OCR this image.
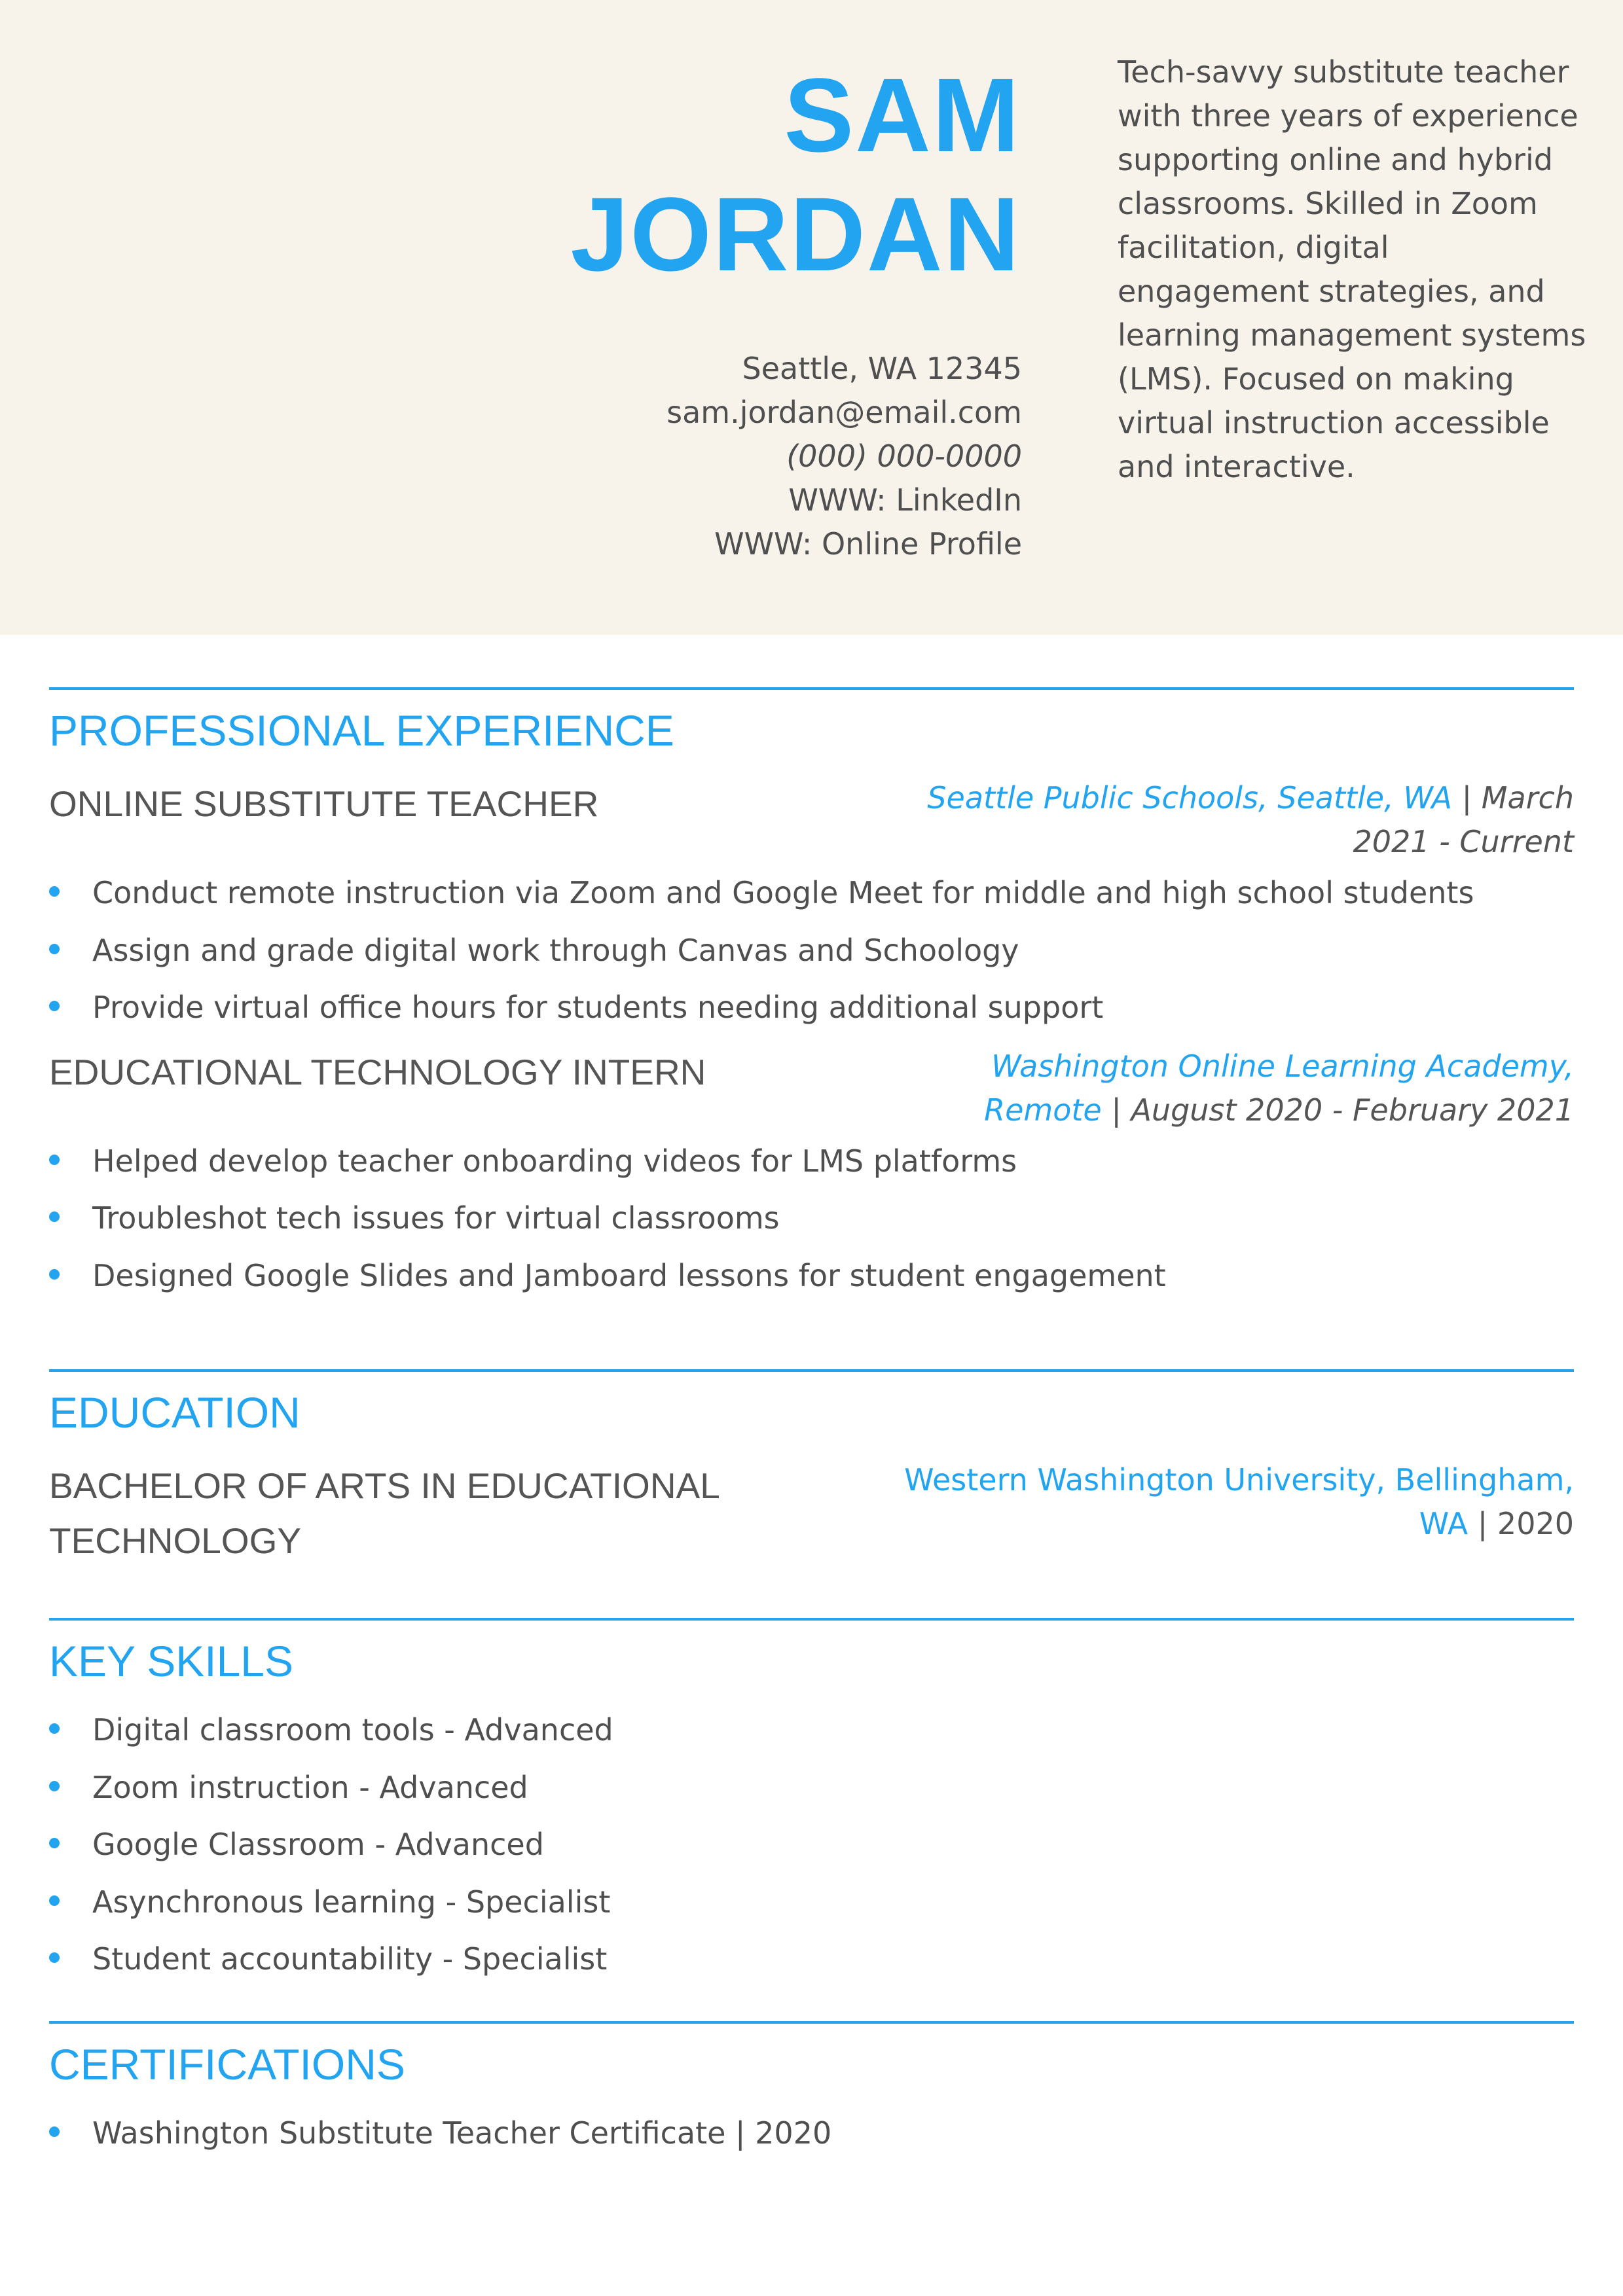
SAM
JORDAN
Seattle, WA 12345
sam.jordan@email.com
(000) 000-0000
WWW: LinkedIn
WWW: Online Profile
Tech-savvy substitute teacher with three years of experience supporting online and hybrid classrooms. Skilled in Zoom facilitation, digital engagement strategies, and learning management systems (LMS). Focused on making virtual instruction accessible and interactive.
PROFESSIONAL EXPERIENCE
ONLINE SUBSTITUTE TEACHER	Seattle Public Schools, Seattle, WA | March 2021 - Current
Conduct remote instruction via Zoom and Google Meet for middle and high school students
Assign and grade digital work through Canvas and Schoology
Provide virtual office hours for students needing additional support
EDUCATIONAL TECHNOLOGY INTERN	Washington Online Learning Academy, Remote | August 2020 - February 2021
Helped develop teacher onboarding videos for LMS platforms
Troubleshot tech issues for virtual classrooms
Designed Google Slides and Jamboard lessons for student engagement
EDUCATION
BACHELOR OF ARTS IN EDUCATIONAL
TECHNOLOGY
Western Washington University, Bellingham, WA | 2020
KEY SKILLS
Digital classroom tools - Advanced
Zoom instruction - Advanced
Google Classroom - Advanced
Asynchronous learning - Specialist
Student accountability - Specialist
CERTIFICATIONS
Washington Substitute Teacher Certificate | 2020
